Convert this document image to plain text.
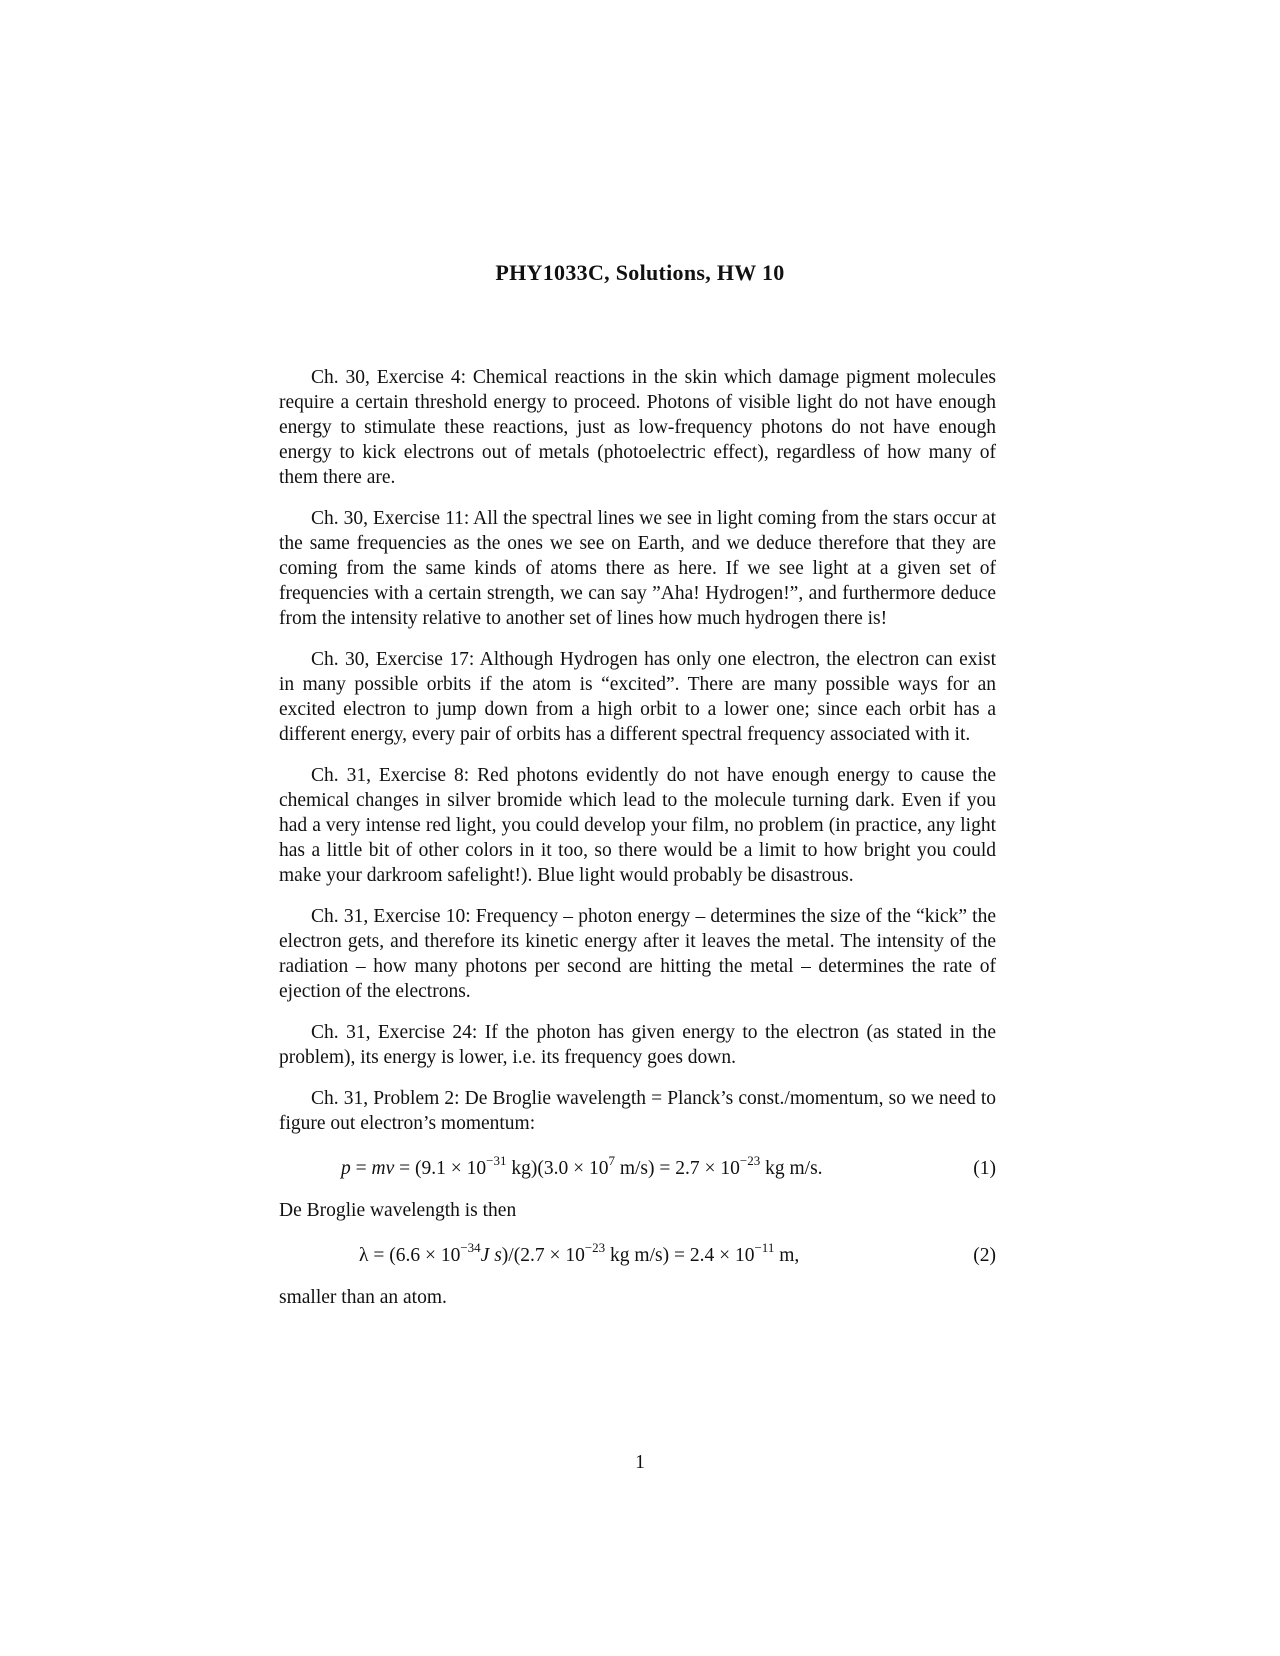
PHY1033C, Solutions, HW 10

Ch. 30, Exercise 4: Chemical reactions in the skin which damage pigment molecules require a certain threshold energy to proceed. Photons of visible light do not have enough energy to stimulate these reactions, just as low-frequency photons do not have enough energy to kick electrons out of metals (photoelectric effect), regardless of how many of them there are.

Ch. 30, Exercise 11: All the spectral lines we see in light coming from the stars occur at the same frequencies as the ones we see on Earth, and we deduce therefore that they are coming from the same kinds of atoms there as here. If we see light at a given set of frequencies with a certain strength, we can say ”Aha! Hydrogen!”, and furthermore deduce from the intensity relative to another set of lines how much hydrogen there is!

Ch. 30, Exercise 17: Although Hydrogen has only one electron, the electron can exist in many possible orbits if the atom is “excited”. There are many possible ways for an excited electron to jump down from a high orbit to a lower one; since each orbit has a different energy, every pair of orbits has a different spectral frequency associated with it.

Ch. 31, Exercise 8: Red photons evidently do not have enough energy to cause the chemical changes in silver bromide which lead to the molecule turning dark. Even if you had a very intense red light, you could develop your film, no problem (in practice, any light has a little bit of other colors in it too, so there would be a limit to how bright you could make your darkroom safelight!). Blue light would probably be disastrous.

Ch. 31, Exercise 10: Frequency – photon energy – determines the size of the “kick” the electron gets, and therefore its kinetic energy after it leaves the metal. The intensity of the radiation – how many photons per second are hitting the metal – determines the rate of ejection of the electrons.

Ch. 31, Exercise 24: If the photon has given energy to the electron (as stated in the problem), its energy is lower, i.e. its frequency goes down.

Ch. 31, Problem 2: De Broglie wavelength = Planck’s const./momentum, so we need to figure out electron’s momentum:

p = mv = ($9.1 \times 10^{-31}$ $kg)(3.0 \times 10^7$ $m/s) = 2.7 \times 10^{-23}$ kg m/s.	(1)

De Broglie wavelength is then

$\lambda = (6.6 \times 10^{-34}J$ $s)/(2.7 \times 10^{-23}$ kg $m/s) = 2.4 \times 10^{-11}$ m,	(2)

smaller than an atom.

1
